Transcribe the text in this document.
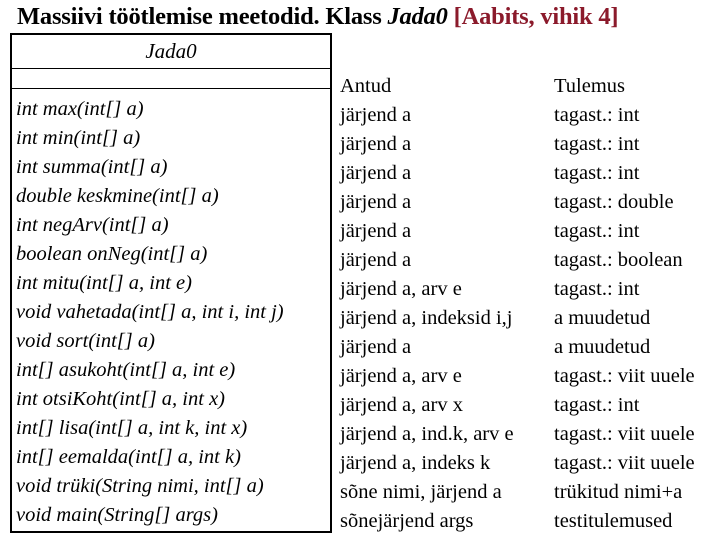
Massiivi töötlemise meetodid. Klass Jada0 [Aabits, vihik 4]
Jada0
int max(int[] a)
int min(int[] a)
int summa(int[] a)
double keskmine(int[] a)
int negArv(int[] a)
boolean onNeg(int[] a)
int mitu(int[] a, int e)
void vahetada(int[] a, int i, int j)
void sort(int[] a)
int[] asukoht(int[] a, int e)
int otsiKoht(int[] a, int x)
int[] lisa(int[] a, int k, int x)
int[] eemalda(int[] a, int k)
void trüki(String nimi, int[] a)
void main(String[] args)
Antud
järjend a
järjend a
järjend a
järjend a
järjend a
järjend a
järjend a, arv e
järjend a, indeksid i,j
järjend a
järjend a, arv e
järjend a, arv x
järjend a, ind.k, arv e
järjend a, indeks k
sõne nimi, järjend a
sõnejärjend args
Tulemus
tagast.: int
tagast.: int
tagast.: int
tagast.: double
tagast.: int
tagast.: boolean
tagast.: int
a muudetud
a muudetud
tagast.: viit uuele
tagast.: int
tagast.: viit uuele
tagast.: viit uuele
trükitud nimi+a
testitulemused
